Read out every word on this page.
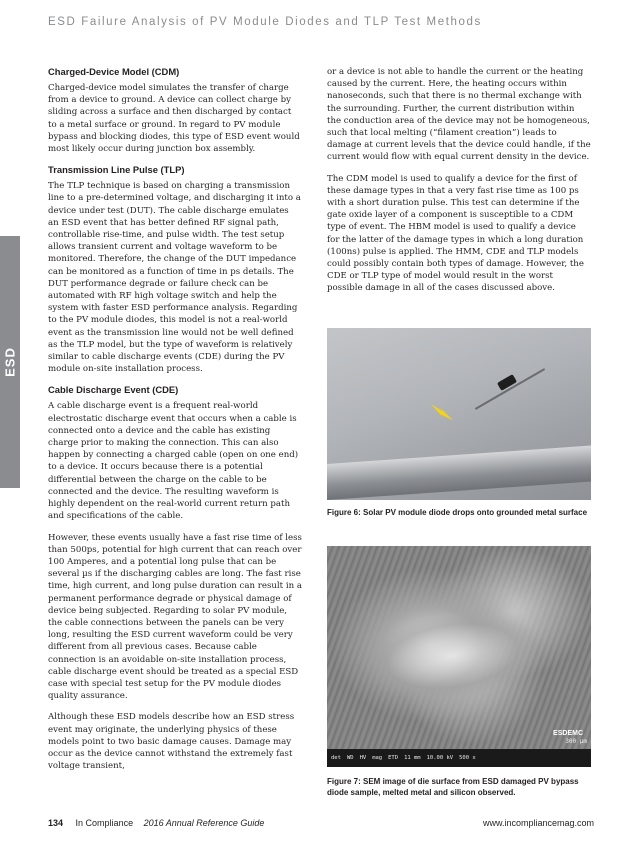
ESD Failure Analysis of PV Module Diodes and TLP Test Methods
ESD
Charged-Device Model (CDM)

Charged-device model simulates the transfer of charge from a device to ground. A device can collect charge by sliding across a surface and then discharged by contact to a metal surface or ground. In regard to PV module bypass and blocking diodes, this type of ESD event would most likely occur during junction box assembly.

Transmission Line Pulse (TLP)

The TLP technique is based on charging a transmission line to a pre-determined voltage, and discharging it into a device under test (DUT). The cable discharge emulates an ESD event that has better defined RF signal path, controllable rise-time, and pulse width. The test setup allows transient current and voltage waveform to be monitored. Therefore, the change of the DUT impedance can be monitored as a function of time in ps details. The DUT performance degrade or failure check can be automated with RF high voltage switch and help the system with faster ESD performance analysis. Regarding to the PV module diodes, this model is not a real-world event as the transmission line would not be well defined as the TLP model, but the type of waveform is relatively similar to cable discharge events (CDE) during the PV module on-site installation process.

Cable Discharge Event (CDE)

A cable discharge event is a frequent real-world electrostatic discharge event that occurs when a cable is connected onto a device and the cable has existing charge prior to making the connection. This can also happen by connecting a charged cable (open on one end) to a device. It occurs because there is a potential differential between the charge on the cable to be connected and the device. The resulting waveform is highly dependent on the real-world current return path and specifications of the cable.

However, these events usually have a fast rise time of less than 500ps, potential for high current that can reach over 100 Amperes, and a potential long pulse that can be several µs if the discharging cables are long. The fast rise time, high current, and long pulse duration can result in a permanent performance degrade or physical damage of device being subjected. Regarding to solar PV module, the cable connections between the panels can be very long, resulting the ESD current waveform could be very different from all previous cases. Because cable connection is an avoidable on-site installation process, cable discharge event should be treated as a special ESD case with special test setup for the PV module diodes quality assurance.

Although these ESD models describe how an ESD stress event may originate, the underlying physics of these models point to two basic damage causes. Damage may occur as the device cannot withstand the extremely fast voltage transient,

or a device is not able to handle the current or the heating caused by the current. Here, the heating occurs within nanoseconds, such that there is no thermal exchange with the surrounding. Further, the current distribution within the conduction area of the device may not be homogeneous, such that local melting (“filament creation”) leads to damage at current levels that the device could handle, if the current would flow with equal current density in the device.

The CDM model is used to qualify a device for the first of these damage types in that a very fast rise time as 100 ps with a short duration pulse. This test can determine if the gate oxide layer of a component is susceptible to a CDM type of event. The HBM model is used to qualify a device for the latter of the damage types in which a long duration (100ns) pulse is applied. The HMM, CDE and TLP models could possibly contain both types of damage. However, the CDE or TLP type of model would result in the worst possible damage in all of the cases discussed above.

Figure 6: Solar PV module diode drops onto grounded metal surface
ESDEMC
300 µm
det WD HV mag ETD 11 mm 10.00 kV 500 x
Figure 7: SEM image of die surface from ESD damaged PV bypass diode sample, melted metal and silicon observed.
134 In Compliance 2016 Annual Reference Guide	www.incompliancemag.com
